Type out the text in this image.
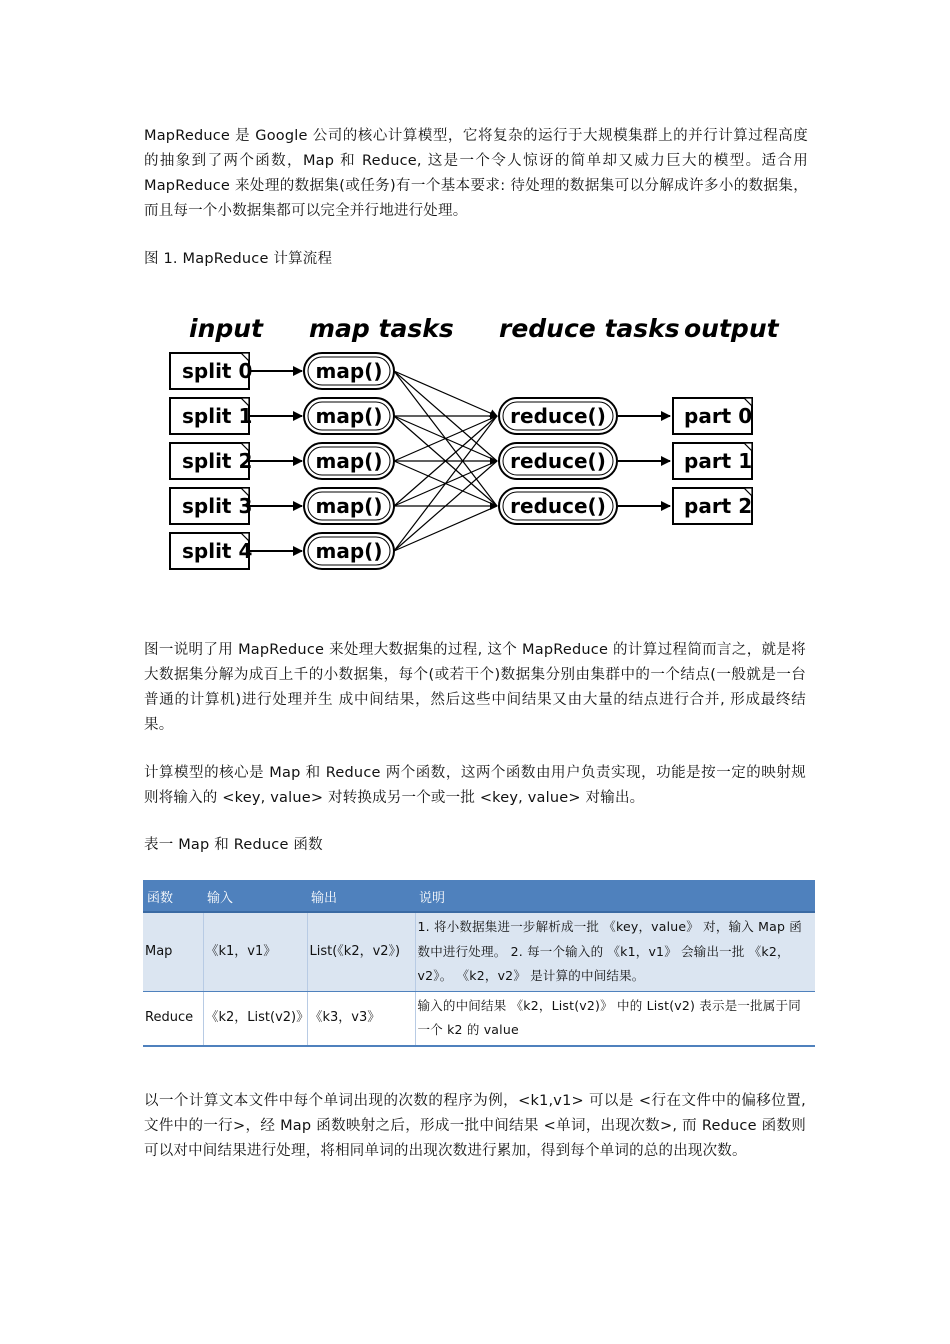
MapReduce 是 Google 公司的核心计算模型，它将复杂的运行于大规模集群上的并行计算过程高度的抽象到了两个函数，Map 和 Reduce, 这是一个令人惊讶的简单却又威力巨大的模型。适合用 MapReduce 来处理的数据集(或任务)有一个基本要求: 待处理的数据集可以分解成许多小的数据集，而且每一个小数据集都可以完全并行地进行处理。

图 1. MapReduce 计算流程

input map tasks reduce tasks output
split 0
split 1
split 2
split 3
split 4
map()
map()
map()
map()
map()
reduce()
reduce()
reduce()
part 0
part 1
part 2

图一说明了用 MapReduce 来处理大数据集的过程, 这个 MapReduce 的计算过程简而言之，就是将大数据集分解为成百上千的小数据集，每个(或若干个)数据集分别由集群中的一个结点(一般就是一台普通的计算机)进行处理并生 成中间结果，然后这些中间结果又由大量的结点进行合并, 形成最终结果。

计算模型的核心是 Map 和 Reduce 两个函数，这两个函数由用户负责实现，功能是按一定的映射规则将输入的 <key, value> 对转换成另一个或一批 <key, value> 对输出。

表一 Map 和 Reduce 函数

函数	输入	输出	说明
Map	《k1，v1》	List(《k2，v2》)	1. 将小数据集进一步解析成一批 《key，value》 对，输入 Map 函数中进行处理。 2. 每一个输入的 《k1，v1》 会输出一批 《k2，v2》。 《k2，v2》 是计算的中间结果。
Reduce	《k2，List(v2)》	《k3，v3》	输入的中间结果 《k2，List(v2)》 中的 List(v2) 表示是一批属于同一个 k2 的 value

以一个计算文本文件中每个单词出现的次数的程序为例，<k1,v1> 可以是 <行在文件中的偏移位置, 文件中的一行>，经 Map 函数映射之后，形成一批中间结果 <单词，出现次数>, 而 Reduce 函数则可以对中间结果进行处理，将相同单词的出现次数进行累加，得到每个单词的总的出现次数。
